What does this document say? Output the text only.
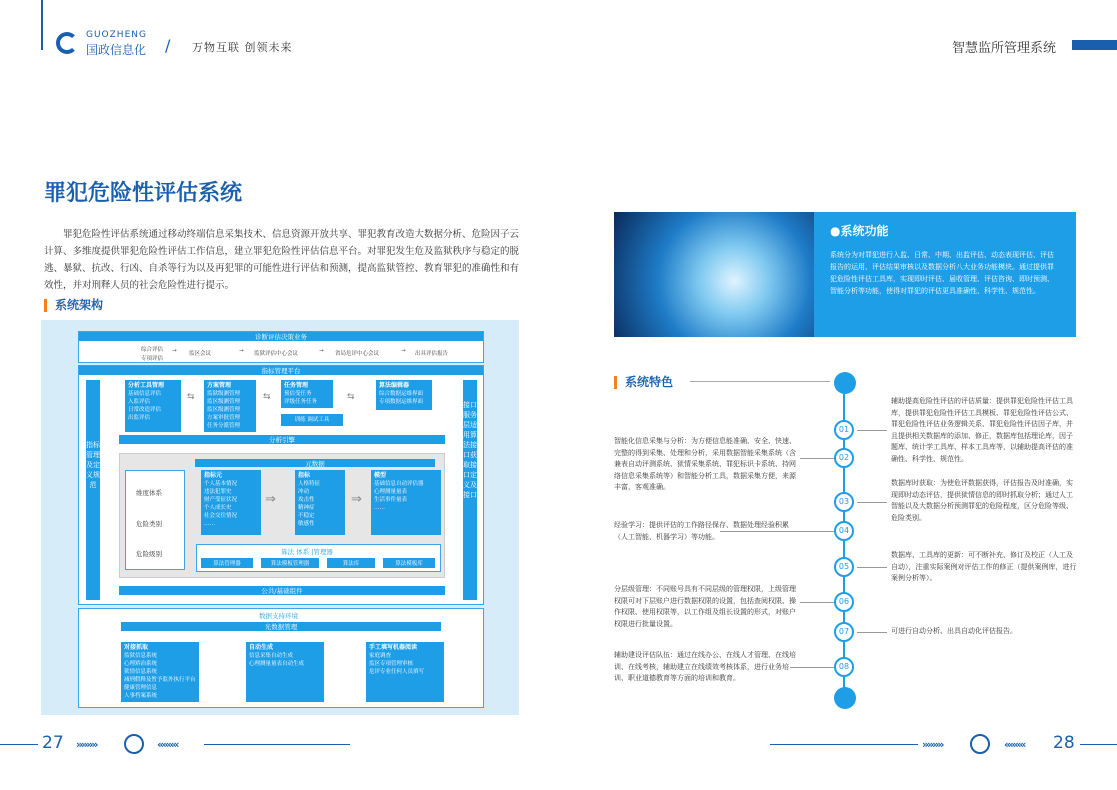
GUOZHENG
国政信息化 / 万物互联 创领未来	智慧监所管理系统
罪犯危险性评估系统
罪犯危险性评估系统通过移动终端信息采集技术、信息资源开放共享、罪犯教育改造大数据分析、危险因子云计算、多维度提供罪犯危险性评估工作信息，建立罪犯危险性评估信息平台。对罪犯发生危及监狱秩序与稳定的脱逃、暴狱、抗改、行凶、自杀等行为以及再犯罪的可能性进行评估和预测，提高监狱管控、教育罪犯的准确性和有效性，并对刑释人员的社会危险性进行提示。
系统架构
诊断评估决策业务
综合评估
专项评估
监区会议	监狱评估中心会议	省局危评中心会议	出具评估报告
→	→	→	→
指标管理平台
指标管理及定义规范
接口服务层适用算法接口获取接口定义及接口
分析工具管理
基础信息评估
入监评估
日常改造评估
出监评估
方案管理
监狱级测管理
监区级测管理
监区级测管理
方案审批管理
任务分派管理
任务管理
预估受任务
评级任务任务
训练 调试工具
算法编辑器
综合数据运维界面
专项数据运维界面
⇆	⇆	⇆
分析引擎
元数据
维度体系
危险类别
危险级别
指标元
个人基本情况
违法犯罪史
财产受征状况
个人成长史
社会交往情况
……
指标
人格特征
冲动
攻击性
精神症
不稳定
敏感性
模型
基础信息自动评估器
心理测量量表
生活事件量表
……
⇒	⇒
算法 体系 |管理器
算法管理器	算法模板管理器	算法库	算法模板库
公共/基础组件
数据支持环境
光数据管理
对接抓取
监狱信息系统
心理矫治系统
狱情信息系统
减刑假释及暂予监外执行平台
健康管理信息
人事档案系统
自动生成
信息采集自动生成
心理测量量表自动生成
手工填写机器阅读
家庭调查
监区专项管理审核
危评专业任何人员填写
●系统功能

系统分为对罪犯进行入监、日常、中期、出监评估、动态表现评估、评估报告的运用、评估结果审核以及数据分析八大业务功能模块。通过提供罪犯危险性评估工具库，实现即时评估、届收管理、评估咨询、即时预测、智能分析等功能，使得对罪犯的评估更具准确性、科学性、规范性。

系统特色
01
02
03
04
05
06
07
08
辅助提高危险性评估的评估质量：提供罪犯危险性评估工具库，提供罪犯危险性评估工具模板、罪犯危险性评估公式、罪犯危险性评估业务逻辑关系、罪犯危险性评估因子库，并且提供相关数据库的添加、修正，数据库包括理论库，因子题库、统计学工具库、样本工具库等，以辅助提高评估的准确性、科学性、规范性。
数据库时获取：为使危评数据获得，评估报告及时准确，实现即时动态评估，提供狱情信息的即时抓取分析；通过人工智能以及大数据分析预测罪犯的危险程度，区分危险等级、危险类别。
数据库、工具库的更新：可不断补充、修订及校正（人工及自动），注重实际案例对评估工作的修正（提供案例库，进行案例分析等）。
可进行自动分析、出具自动化评估报告。
智能化信息采集与分析：为方便信息能准确、安全、快速、完整的得到采集、处理和分析，采用数据智能采集系统（含兼表自动评测系统、狱情采集系统、罪犯标识卡系统、持网络信息采集系统等）和智能分析工具，数据采集方便，来源丰富，客观准确。
经验学习：提供评估的工作路径保存、数据处理经验积累（人工智能、机器学习）等功能。
分层级管理：不同账号具有不同层级的管理权限，上级管理权限可对下层账户进行数据权限的设置，包括查阅权限、操作权限、使用权限等，以工作组及组长设置的形式，对账户权限进行批量设置。
辅助建设评估队伍：通过在线办公、在线人才管理、在线培训、在线考核，辅助建立在线绩效考核体系，进行业务培训、职业道德教育等方面的培训和教育。
27 »»»»	««««	»»»»	«««« 28
